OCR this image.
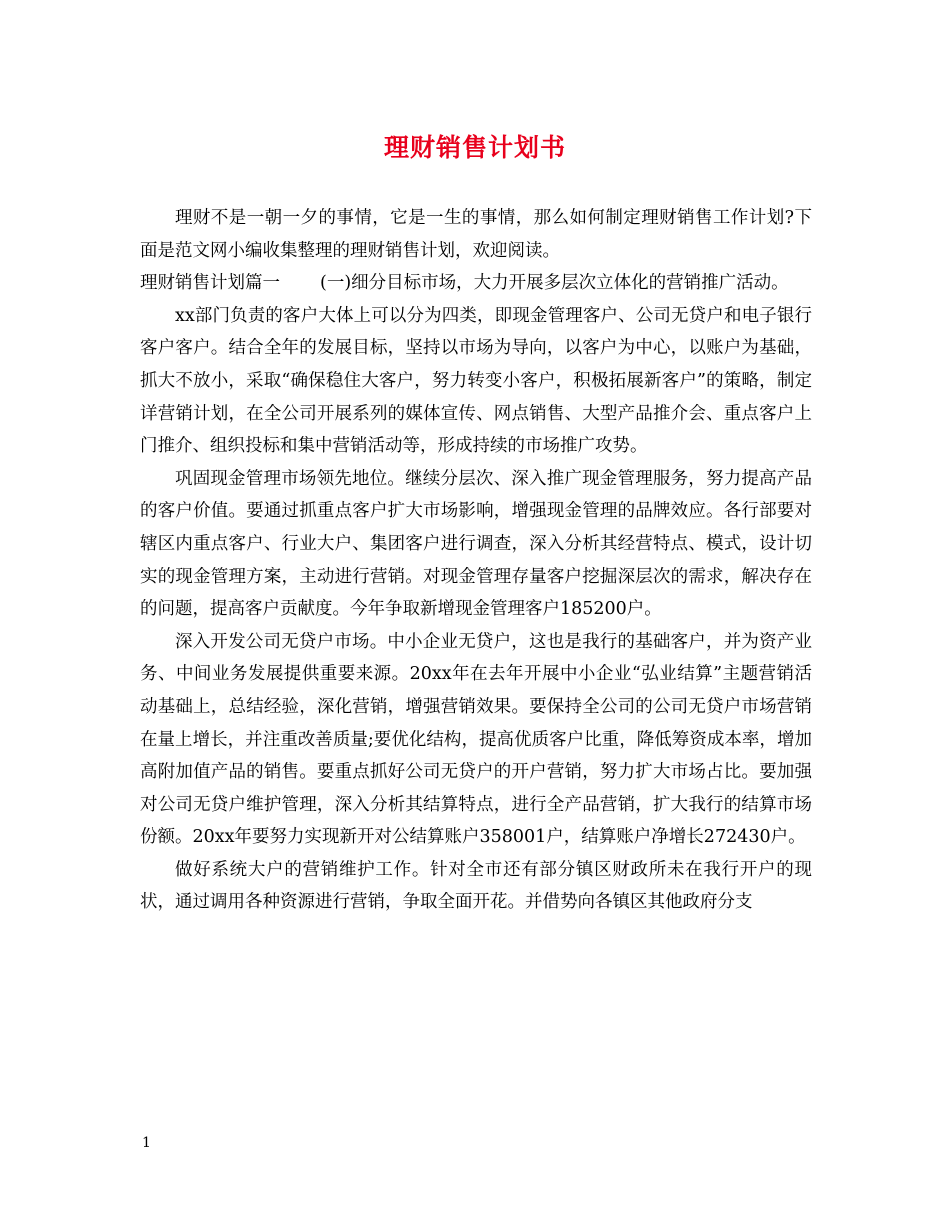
理财销售计划书

理财不是一朝一夕的事情，它是一生的事情，那么如何制定理财销售工作计划?下面是范文网小编收集整理的理财销售计划，欢迎阅读。

理财销售计划篇一 (一)细分目标市场，大力开展多层次立体化的营销推广活动。

xx部门负责的客户大体上可以分为四类，即现金管理客户、公司无贷户和电子银行客户客户。结合全年的发展目标，坚持以市场为导向，以客户为中心，以账户为基础，抓大不放小，采取“确保稳住大客户，努力转变小客户，积极拓展新客户”的策略，制定详营销计划，在全公司开展系列的媒体宣传、网点销售、大型产品推介会、重点客户上门推介、组织投标和集中营销活动等，形成持续的市场推广攻势。

巩固现金管理市场领先地位。继续分层次、深入推广现金管理服务，努力提高产品的客户价值。要通过抓重点客户扩大市场影响，增强现金管理的品牌效应。各行部要对辖区内重点客户、行业大户、集团客户进行调查，深入分析其经营特点、模式，设计切实的现金管理方案，主动进行营销。对现金管理存量客户挖掘深层次的需求，解决存在的问题，提高客户贡献度。今年争取新增现金管理客户185200户。

深入开发公司无贷户市场。中小企业无贷户，这也是我行的基础客户，并为资产业务、中间业务发展提供重要来源。20xx年在去年开展中小企业“弘业结算”主题营销活动基础上，总结经验，深化营销，增强营销效果。要保持全公司的公司无贷户市场营销在量上增长，并注重改善质量;要优化结构，提高优质客户比重，降低筹资成本率，增加高附加值产品的销售。要重点抓好公司无贷户的开户营销，努力扩大市场占比。要加强对公司无贷户维护管理，深入分析其结算特点，进行全产品营销，扩大我行的结算市场份额。20xx年要努力实现新开对公结算账户358001户，结算账户净增长272430户。

做好系统大户的营销维护工作。针对全市还有部分镇区财政所未在我行开户的现状，通过调用各种资源进行营销，争取全面开花。并借势向各镇区其他政府分支

1
